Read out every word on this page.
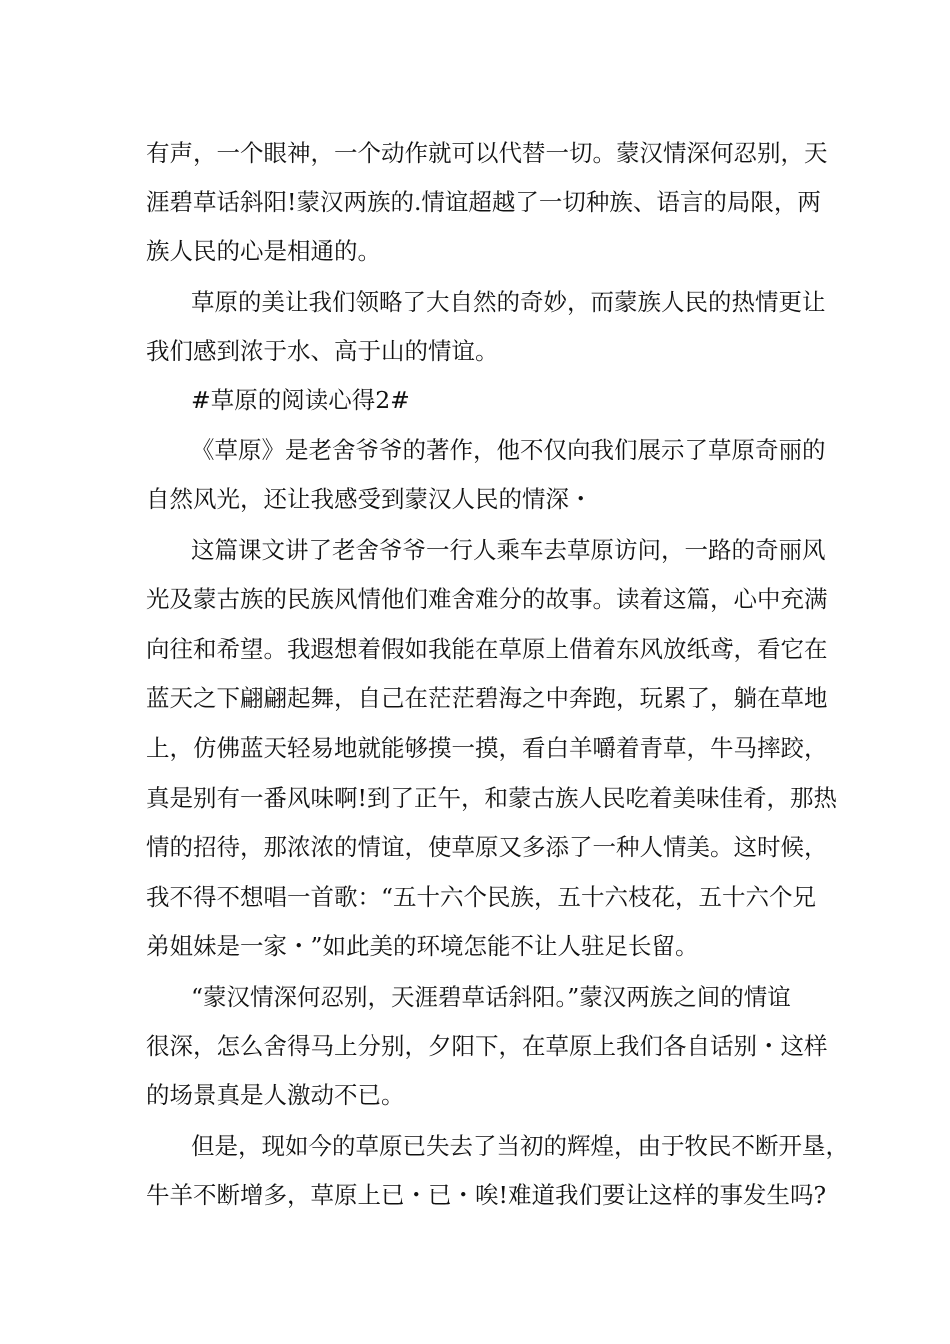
有声，一个眼神，一个动作就可以代替一切。蒙汉情深何忍别，天

涯碧草话斜阳!蒙汉两族的.情谊超越了一切种族、语言的局限，两

族人民的心是相通的。

草原的美让我们领略了大自然的奇妙，而蒙族人民的热情更让

我们感到浓于水、高于山的情谊。

#草原的阅读心得2#

《草原》是老舍爷爷的著作，他不仅向我们展示了草原奇丽的

自然风光，还让我感受到蒙汉人民的情深・

这篇课文讲了老舍爷爷一行人乘车去草原访问，一路的奇丽风

光及蒙古族的民族风情他们难舍难分的故事。读着这篇，心中充满

向往和希望。我遐想着假如我能在草原上借着东风放纸鸢，看它在

蓝天之下翩翩起舞，自己在茫茫碧海之中奔跑，玩累了，躺在草地

上，仿佛蓝天轻易地就能够摸一摸，看白羊嚼着青草，牛马摔跤，

真是别有一番风味啊!到了正午，和蒙古族人民吃着美味佳肴，那热

情的招待，那浓浓的情谊，使草原又多添了一种人情美。这时候，

我不得不想唱一首歌：“五十六个民族，五十六枝花，五十六个兄

弟姐妹是一家・”如此美的环境怎能不让人驻足长留。

“蒙汉情深何忍别，天涯碧草话斜阳。”蒙汉两族之间的情谊

很深，怎么舍得马上分别，夕阳下，在草原上我们各自话别・这样

的场景真是人激动不已。

但是，现如今的草原已失去了当初的辉煌，由于牧民不断开垦，

牛羊不断增多，草原上已・已・唉!难道我们要让这样的事发生吗?
